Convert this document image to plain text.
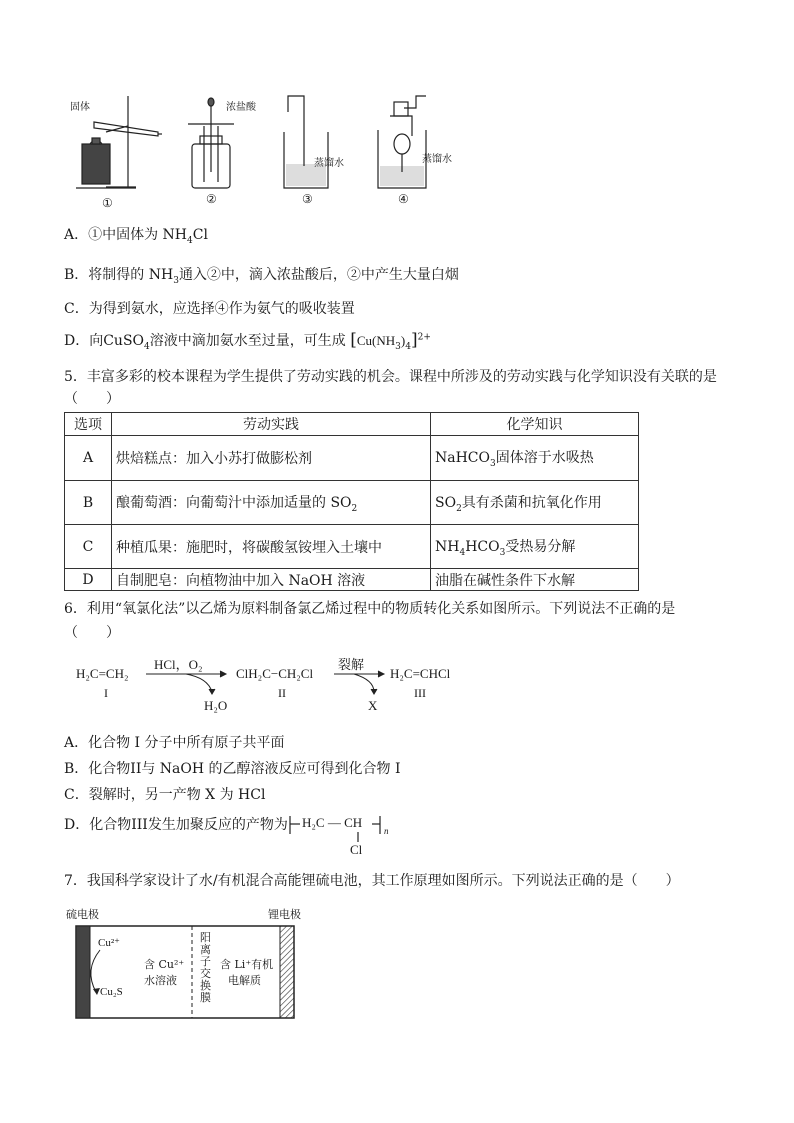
固体	浓盐酸
蒸馏水	蒸馏水
①	②	③	④
A．①中固体为 $NH_4Cl$
B．将制得的 $NH_3$通入②中，滴入浓盐酸后，②中产生大量白烟
C．为得到氨水，应选择④作为氨气的吸收装置
D．向CuSO$_4$溶液中滴加氨水至过量，可生成 $[Cu(NH_3)_4]^{2+}$
5．丰富多彩的校本课程为学生提供了劳动实践的机会。课程中所涉及的劳动实践与化学知识没有关联的是
（　　）
选项	劳动实践	化学知识
A	烘焙糕点：加入小苏打做膨松剂	NaHCO$_3$固体溶于水吸热
B	酿葡萄酒：向葡萄汁中添加适量的 $SO_2$	$SO_2$具有杀菌和抗氧化作用
C	种植瓜果：施肥时，将碳酸氢铵埋入土壤中	$NH_4HCO_3$受热易分解
D	自制肥皂：向植物油中加入 NaOH 溶液	油脂在碱性条件下水解
6．利用“氧氯化法”以乙烯为原料制备氯乙烯过程中的物质转化关系如图所示。下列说法不正确的是
（　　）
H₂C=CH₂
HCl，O₂
H₂O
I
ClH₂C−CH₂Cl
裂解
X
II
H₂C=CHCl
III
A．化合物 I 分子中所有原子共平面
B．化合物II与 NaOH 的乙醇溶液反应可得到化合物 I
C．裂解时，另一产物 X 为 HCl
D．化合物III发生加聚反应的产物为 H₂C — CH
Cl
n
7．我国科学家设计了水/有机混合高能锂硫电池，其工作原理如图所示。下列说法正确的是（　　）
硫电极	锂电极
Cu²⁺
Cu₂S
含 Cu²⁺
水溶液
阳离子交换膜
含 Li⁺有机
电解质
